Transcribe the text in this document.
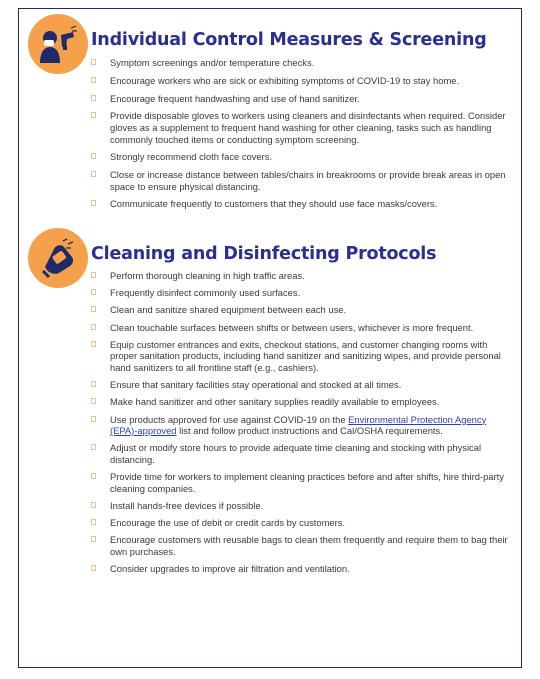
Individual Control Measures & Screening
Symptom screenings and/or temperature checks.
Encourage workers who are sick or exhibiting symptoms of COVID-19 to stay home.
Encourage frequent handwashing and use of hand sanitizer.
Provide disposable gloves to workers using cleaners and disinfectants when required. Consider gloves as a supplement to frequent hand washing for other cleaning, tasks such as handling commonly touched items or conducting symptom screening.
Strongly recommend cloth face covers.
Close or increase distance between tables/chairs in breakrooms or provide break areas in open space to ensure physical distancing.
Communicate frequently to customers that they should use face masks/covers.
Cleaning and Disinfecting Protocols
Perform thorough cleaning in high traffic areas.
Frequently disinfect commonly used surfaces.
Clean and sanitize shared equipment between each use.
Clean touchable surfaces between shifts or between users, whichever is more frequent.
Equip customer entrances and exits, checkout stations, and customer changing rooms with proper sanitation products, including hand sanitizer and sanitizing wipes, and provide personal hand sanitizers to all frontline staff (e.g., cashiers).
Ensure that sanitary facilities stay operational and stocked at all times.
Make hand sanitizer and other sanitary supplies readily available to employees.
Use products approved for use against COVID-19 on the Environmental Protection Agency (EPA)-approved list and follow product instructions and Cal/OSHA requirements.
Adjust or modify store hours to provide adequate time cleaning and stocking with physical distancing.
Provide time for workers to implement cleaning practices before and after shifts, hire third-party cleaning companies.
Install hands-free devices if possible.
Encourage the use of debit or credit cards by customers.
Encourage customers with reusable bags to clean them frequently and require them to bag their own purchases.
Consider upgrades to improve air filtration and ventilation.
